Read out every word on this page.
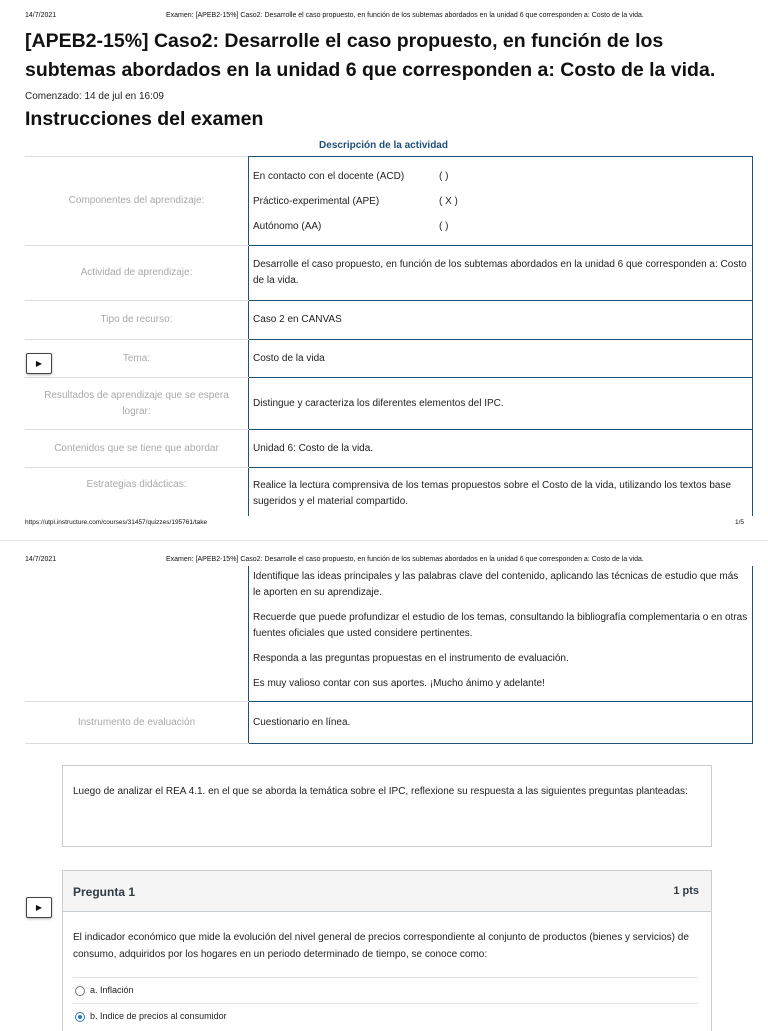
14/7/2021	Examen: [APEB2-15%] Caso2: Desarrolle el caso propuesto, en función de los subtemas abordados en la unidad 6 que corresponden a: Costo de la vida.
[APEB2-15%] Caso2: Desarrolle el caso propuesto, en función de los subtemas abordados en la unidad 6 que corresponden a: Costo de la vida.
Comenzado: 14 de jul en 16:09
Instrucciones del examen
Descripción de la actividad
Componentes del aprendizaje:	En contacto con el docente (ACD) ( )
Práctico-experimental (APE) ( X )
Autónomo (AA) ( )

Actividad de aprendizaje:	Desarrolle el caso propuesto, en función de los subtemas abordados en la unidad 6 que corresponden a: Costo de la vida.
Tipo de recurso:	Caso 2 en CANVAS
Tema:	Costo de la vida
Resultados de aprendizaje que se espera lograr:	Distingue y caracteriza los diferentes elementos del IPC.
Contenidos que se tiene que abordar	Unidad 6: Costo de la vida.
Estrategias didácticas:	Realice la lectura comprensiva de los temas propuestos sobre el Costo de la vida, utilizando los textos base sugeridos y el material compartido.
▶
https://utpl.instructure.com/courses/31457/quizzes/195761/take	1/5
14/7/2021	Examen: [APEB2-15%] Caso2: Desarrolle el caso propuesto, en función de los subtemas abordados en la unidad 6 que corresponden a: Costo de la vida.

	Identifique las ideas principales y las palabras clave del contenido, aplicando las técnicas de estudio que más le aporten en su aprendizaje.

Recuerde que puede profundizar el estudio de los temas, consultando la bibliografía complementaria o en otras fuentes oficiales que usted considere pertinentes.

Responda a las preguntas propuestas en el instrumento de evaluación.

Es muy valioso contar con sus aportes. ¡Mucho ánimo y adelante!

Instrumento de evaluación	Cuestionario en línea.
Luego de analizar el REA 4.1. en el que se aborda la temática sobre el IPC, reflexione su respuesta a las siguientes preguntas planteadas:
▶
Pregunta 1	1 pts
El indicador económico que mide la evolución del nivel general de precios correspondiente al conjunto de productos (bienes y servicios) de consumo, adquiridos por los hogares en un periodo determinado de tiempo, se conoce como:
a. Inflación
b. Indice de precios al consumidor
